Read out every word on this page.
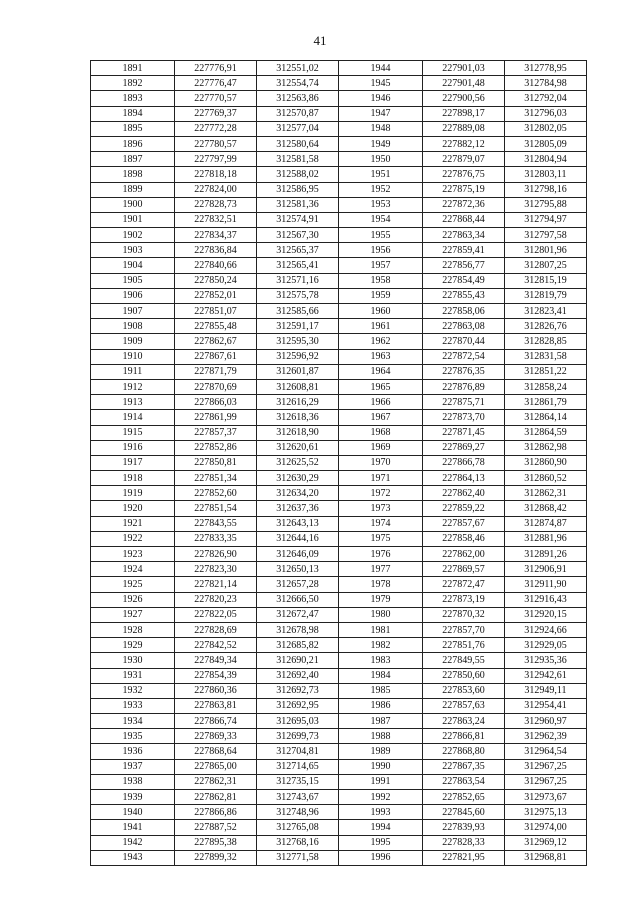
41
1891	227776,91	312551,02	1944	227901,03	312778,95
1892	227776,47	312554,74	1945	227901,48	312784,98
1893	227770,57	312563,86	1946	227900,56	312792,04
1894	227769,37	312570,87	1947	227898,17	312796,03
1895	227772,28	312577,04	1948	227889,08	312802,05
1896	227780,57	312580,64	1949	227882,12	312805,09
1897	227797,99	312581,58	1950	227879,07	312804,94
1898	227818,18	312588,02	1951	227876,75	312803,11
1899	227824,00	312586,95	1952	227875,19	312798,16
1900	227828,73	312581,36	1953	227872,36	312795,88
1901	227832,51	312574,91	1954	227868,44	312794,97
1902	227834,37	312567,30	1955	227863,34	312797,58
1903	227836,84	312565,37	1956	227859,41	312801,96
1904	227840,66	312565,41	1957	227856,77	312807,25
1905	227850,24	312571,16	1958	227854,49	312815,19
1906	227852,01	312575,78	1959	227855,43	312819,79
1907	227851,07	312585,66	1960	227858,06	312823,41
1908	227855,48	312591,17	1961	227863,08	312826,76
1909	227862,67	312595,30	1962	227870,44	312828,85
1910	227867,61	312596,92	1963	227872,54	312831,58
1911	227871,79	312601,87	1964	227876,35	312851,22
1912	227870,69	312608,81	1965	227876,89	312858,24
1913	227866,03	312616,29	1966	227875,71	312861,79
1914	227861,99	312618,36	1967	227873,70	312864,14
1915	227857,37	312618,90	1968	227871,45	312864,59
1916	227852,86	312620,61	1969	227869,27	312862,98
1917	227850,81	312625,52	1970	227866,78	312860,90
1918	227851,34	312630,29	1971	227864,13	312860,52
1919	227852,60	312634,20	1972	227862,40	312862,31
1920	227851,54	312637,36	1973	227859,22	312868,42
1921	227843,55	312643,13	1974	227857,67	312874,87
1922	227833,35	312644,16	1975	227858,46	312881,96
1923	227826,90	312646,09	1976	227862,00	312891,26
1924	227823,30	312650,13	1977	227869,57	312906,91
1925	227821,14	312657,28	1978	227872,47	312911,90
1926	227820,23	312666,50	1979	227873,19	312916,43
1927	227822,05	312672,47	1980	227870,32	312920,15
1928	227828,69	312678,98	1981	227857,70	312924,66
1929	227842,52	312685,82	1982	227851,76	312929,05
1930	227849,34	312690,21	1983	227849,55	312935,36
1931	227854,39	312692,40	1984	227850,60	312942,61
1932	227860,36	312692,73	1985	227853,60	312949,11
1933	227863,81	312692,95	1986	227857,63	312954,41
1934	227866,74	312695,03	1987	227863,24	312960,97
1935	227869,33	312699,73	1988	227866,81	312962,39
1936	227868,64	312704,81	1989	227868,80	312964,54
1937	227865,00	312714,65	1990	227867,35	312967,25
1938	227862,31	312735,15	1991	227863,54	312967,25
1939	227862,81	312743,67	1992	227852,65	312973,67
1940	227866,86	312748,96	1993	227845,60	312975,13
1941	227887,52	312765,08	1994	227839,93	312974,00
1942	227895,38	312768,16	1995	227828,33	312969,12
1943	227899,32	312771,58	1996	227821,95	312968,81
